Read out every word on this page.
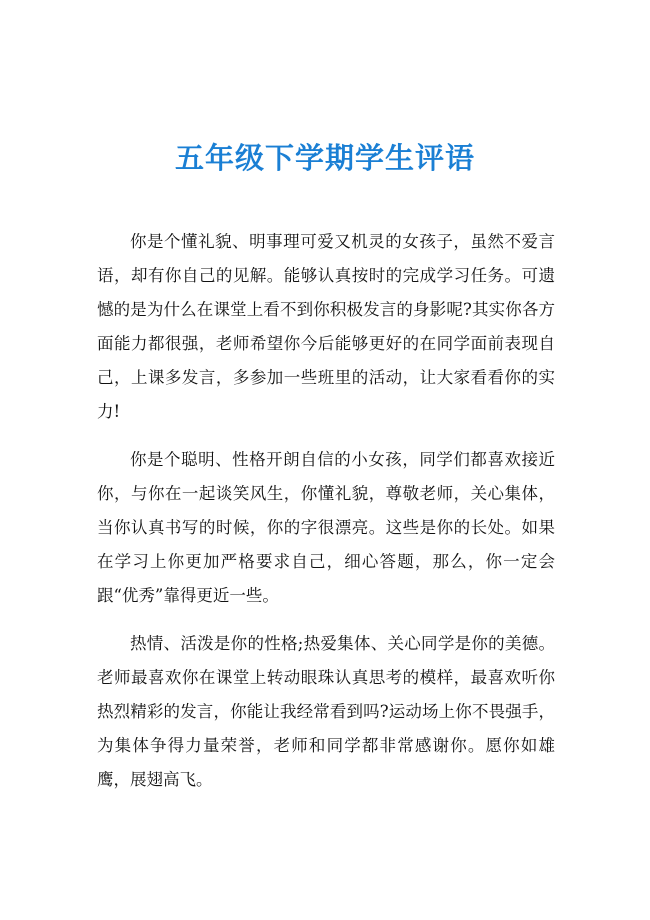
五年级下学期学生评语

你是个懂礼貌、明事理可爱又机灵的女孩子，虽然不爱言语，却有你自己的见解。能够认真按时的完成学习任务。可遗憾的是为什么在课堂上看不到你积极发言的身影呢?其实你各方面能力都很强，老师希望你今后能够更好的在同学面前表现自己，上课多发言，多参加一些班里的活动，让大家看看你的实力!

你是个聪明、性格开朗自信的小女孩，同学们都喜欢接近你，与你在一起谈笑风生，你懂礼貌，尊敬老师，关心集体，当你认真书写的时候，你的字很漂亮。这些是你的长处。如果在学习上你更加严格要求自己，细心答题，那么，你一定会跟“优秀”靠得更近一些。

热情、活泼是你的性格;热爱集体、关心同学是你的美德。老师最喜欢你在课堂上转动眼珠认真思考的模样，最喜欢听你热烈精彩的发言，你能让我经常看到吗?运动场上你不畏强手，为集体争得力量荣誉，老师和同学都非常感谢你。愿你如雄鹰，展翅高飞。
